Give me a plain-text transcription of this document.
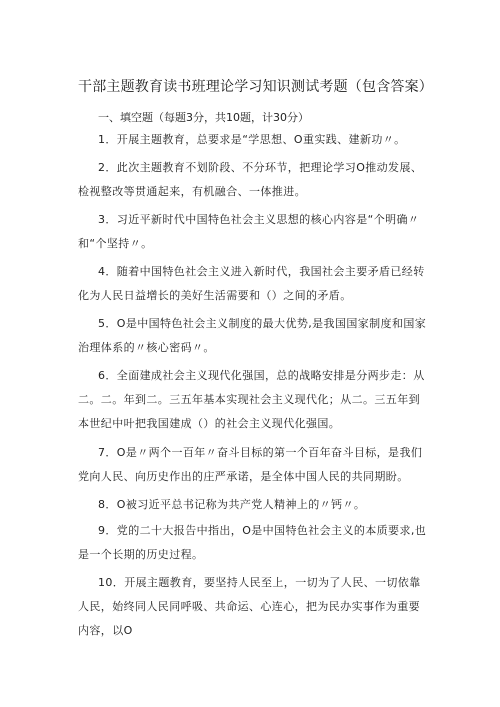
干部主题教育读书班理论学习知识测试考题（包含答案）
一、填空题（每题3分，共10题，计30分）
1．开展主题教育，总要求是“学思想、O重实践、建新功〃。
2．此次主题教育不划阶段、不分环节，把理论学习O推动发展、检视整改等贯通起来，有机融合、一体推进。
3．习近平新时代中国特色社会主义思想的核心内容是“个明确〃和“个坚持〃。
4．随着中国特色社会主义进入新时代，我国社会主要矛盾已经转化为人民日益增长的美好生活需要和（）之间的矛盾。
5．O是中国特色社会主义制度的最大优势,是我国国家制度和国家治理体系的〃核心密码〃。
6．全面建成社会主义现代化强国，总的战略安排是分两步走：从二。二。年到二。三五年基本实现社会主义现代化；从二。三五年到本世纪中叶把我国建成（）的社会主义现代化强国。
7．O是〃两个一百年〃奋斗目标的第一个百年奋斗目标，是我们党向人民、向历史作出的庄严承诺，是全体中国人民的共同期盼。
8．O被习近平总书记称为共产党人精神上的〃钙〃。
9．党的二十大报告中指出，O是中国特色社会主义的本质要求,也是一个长期的历史过程。
10．开展主题教育，要坚持人民至上，一切为了人民、一切依靠人民，始终同人民同呼吸、共命运、心连心，把为民办实事作为重要内容，以O
